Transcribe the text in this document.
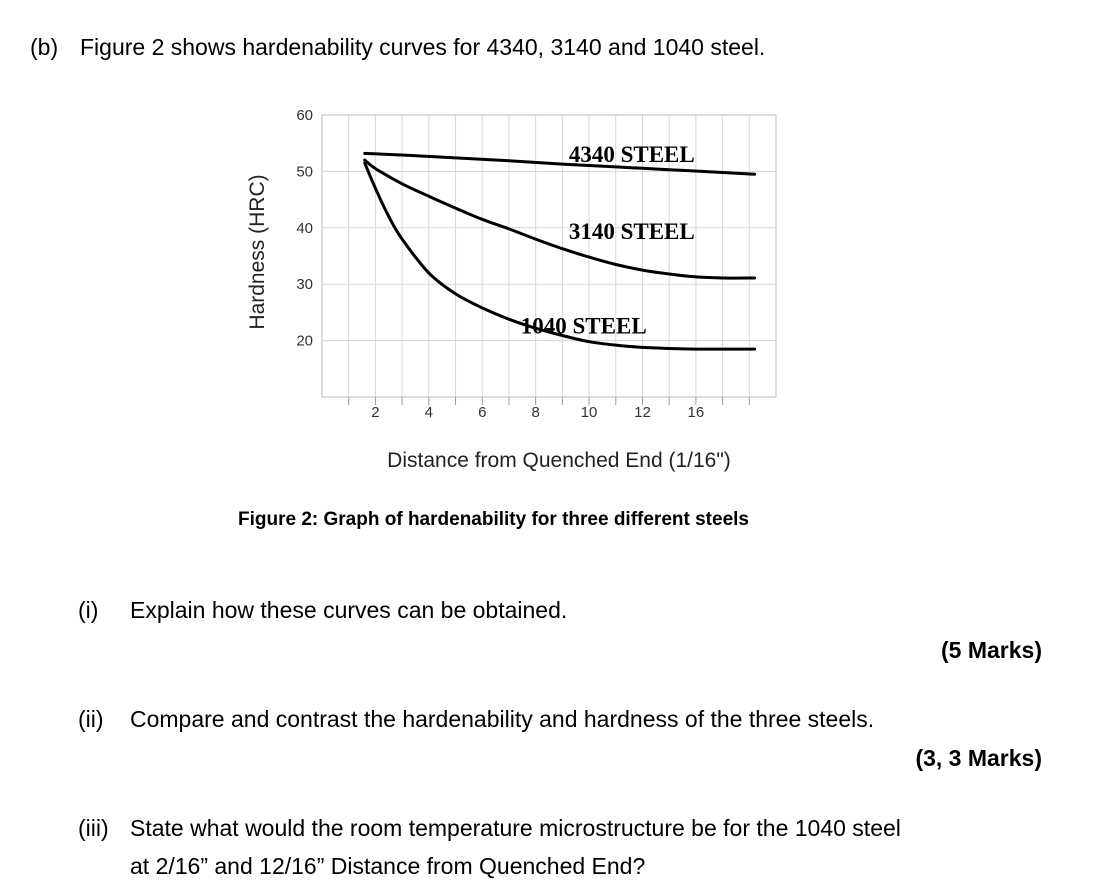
(b) Figure 2 shows hardenability curves for 4340, 3140 and 1040 steel.
20
30
40
50
60
2	4	6	8	10 12 16
Distance from Quenched End (1/16")
Hardness (HRC)
4340 STEEL
3140 STEEL
1040 STEEL
Figure 2: Graph of hardenability for three different steels
(i) Explain how these curves can be obtained.
(5 Marks)
(ii) Compare and contrast the hardenability and hardness of the three steels.
(3, 3 Marks)
(iii) State what would the room temperature microstructure be for the 1040 steel
at 2/16” and 12/16” Distance from Quenched End?
